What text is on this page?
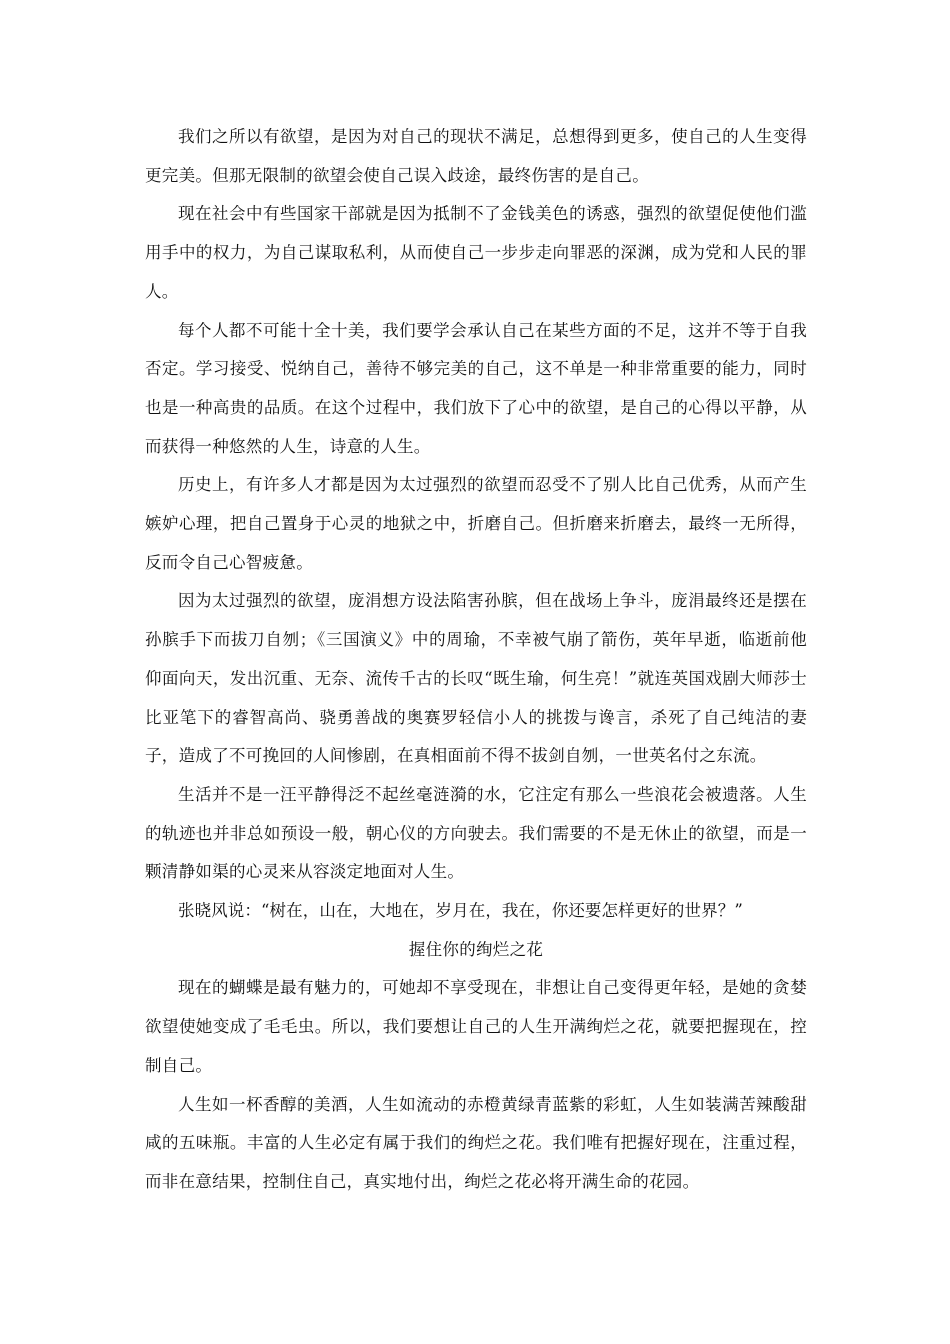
我们之所以有欲望，是因为对自己的现状不满足，总想得到更多，使自己的人生变得更完美。但那无限制的欲望会使自己误入歧途，最终伤害的是自己。

现在社会中有些国家干部就是因为抵制不了金钱美色的诱惑，强烈的欲望促使他们滥用手中的权力，为自己谋取私利，从而使自己一步步走向罪恶的深渊，成为党和人民的罪人。

每个人都不可能十全十美，我们要学会承认自己在某些方面的不足，这并不等于自我否定。学习接受、悦纳自己，善待不够完美的自己，这不单是一种非常重要的能力，同时也是一种高贵的品质。在这个过程中，我们放下了心中的欲望，是自己的心得以平静，从而获得一种悠然的人生，诗意的人生。

历史上，有许多人才都是因为太过强烈的欲望而忍受不了别人比自己优秀，从而产生嫉妒心理，把自己置身于心灵的地狱之中，折磨自己。但折磨来折磨去，最终一无所得，反而令自己心智疲惫。

因为太过强烈的欲望，庞涓想方设法陷害孙膑，但在战场上争斗，庞涓最终还是摆在孙膑手下而拔刀自刎；《三国演义》中的周瑜，不幸被气崩了箭伤，英年早逝，临逝前他仰面向天，发出沉重、无奈、流传千古的长叹“既生瑜，何生亮！”就连英国戏剧大师莎士比亚笔下的睿智高尚、骁勇善战的奥赛罗轻信小人的挑拨与谗言，杀死了自己纯洁的妻子，造成了不可挽回的人间惨剧，在真相面前不得不拔剑自刎，一世英名付之东流。

生活并不是一汪平静得泛不起丝毫涟漪的水，它注定有那么一些浪花会被遗落。人生的轨迹也并非总如预设一般，朝心仪的方向驶去。我们需要的不是无休止的欲望，而是一颗清静如渠的心灵来从容淡定地面对人生。

张晓风说：“树在，山在，大地在，岁月在，我在，你还要怎样更好的世界？”

握住你的绚烂之花

现在的蝴蝶是最有魅力的，可她却不享受现在，非想让自己变得更年轻，是她的贪婪欲望使她变成了毛毛虫。所以，我们要想让自己的人生开满绚烂之花，就要把握现在，控制自己。

人生如一杯香醇的美酒，人生如流动的赤橙黄绿青蓝紫的彩虹，人生如装满苦辣酸甜咸的五味瓶。丰富的人生必定有属于我们的绚烂之花。我们唯有把握好现在，注重过程，而非在意结果，控制住自己，真实地付出，绚烂之花必将开满生命的花园。
